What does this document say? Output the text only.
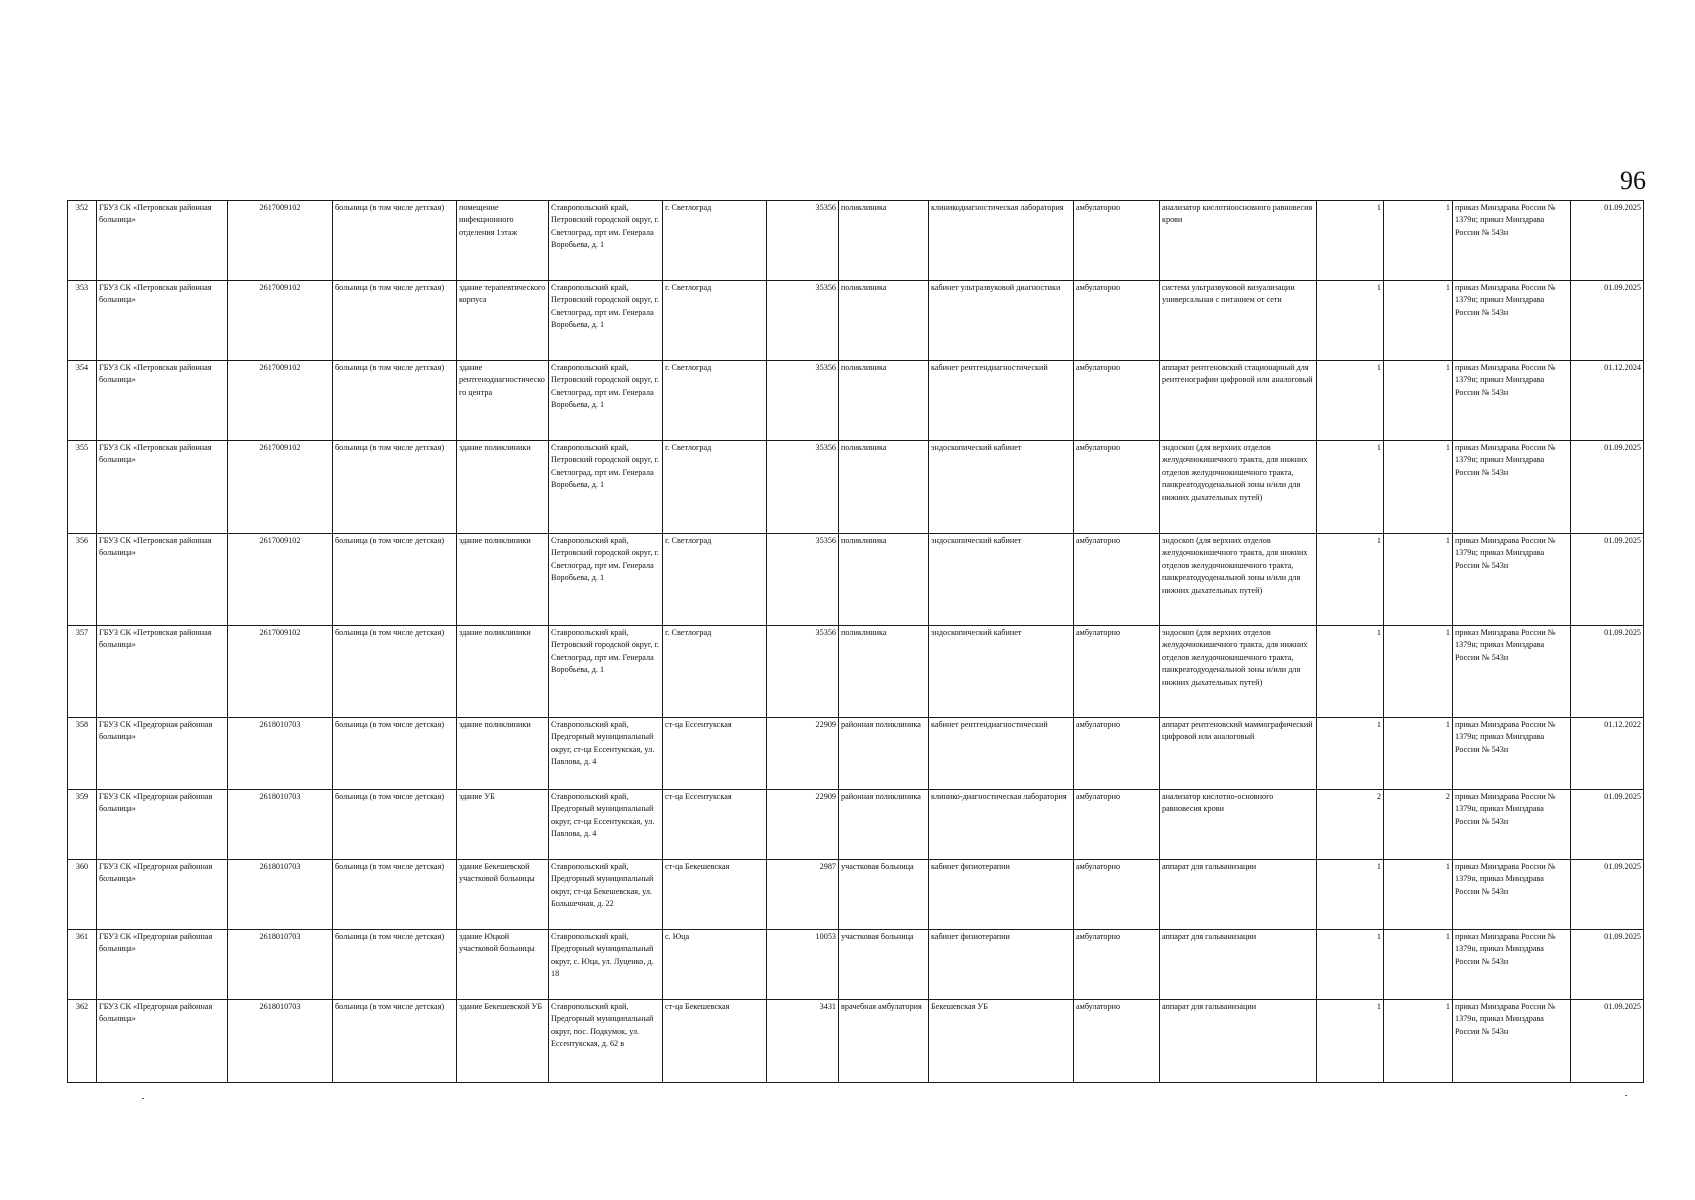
96
352	ГБУЗ СК «Петровская районная больница»	2617009102	больница (в том числе детская)	помещение инфекционного отделения 1этаж	Ставропольский край, Петровский городской округ, г. Светлоград, прт им. Генерала Воробьева, д. 1	г. Светлоград	35356	поликлиника	клиникодиагностическая лаборатория	амбулаторно	анализатор кислотноосновного равновесия крови	1	1	приказ Минздрава России № 1379н; приказ Минздрава России № 543н	01.09.2025
353	ГБУЗ СК «Петровская районная больница»	2617009102	больница (в том числе детская)	здание терапевтического корпуса	Ставропольский край, Петровский городской округ, г. Светлоград, прт им. Генерала Воробьева, д. 1	г. Светлоград	35356	поликлиника	кабинет ультразвуковой диагностики	амбулаторно	система ультразвуковой визуализации универсальная с питанием от сети	1	1	приказ Минздрава России № 1379н; приказ Минздрава России № 543н	01.09.2025
354	ГБУЗ СК «Петровская районная больница»	2617009102	больница (в том числе детская)	здание рентгенодиагностического центра	Ставропольский край, Петровский городской округ, г. Светлоград, прт им. Генерала Воробьева, д. 1	г. Светлоград	35356	поликлиника	кабинет рентгендиагностический	амбулаторно	аппарат рентгеновский стационарный для рентгенографии цифровой или аналоговый	1	1	приказ Минздрава России № 1379н; приказ Минздрава России № 543н	01.12.2024
355	ГБУЗ СК «Петровская районная больница»	2617009102	больница (в том числе детская)	здание поликлиники	Ставропольский край, Петровский городской округ, г. Светлоград, прт им. Генерала Воробьева, д. 1	г. Светлоград	35356	поликлиника	эндоскопический кабинет	амбулаторно	эндоскоп (для верхних отделов желудочнокишечного тракта, для нижних отделов желудочнокишечного тракта, панкреатодуоденальной зоны и/или для нижних дыхательных путей)	1	1	приказ Минздрава России № 1379н; приказ Минздрава России № 543н	01.09.2025
356	ГБУЗ СК «Петровская районная больница»	2617009102	больница (в том числе детская)	здание поликлиники	Ставропольский край, Петровский городской округ, г. Светлоград, прт им. Генерала Воробьева, д. 1	г. Светлоград	35356	поликлиника	эндоскопический кабинет	амбулаторно	эндоскоп (для верхних отделов желудочнокишечного тракта, для нижних отделов желудочнокишечного тракта, панкреатодуоденальной зоны и/или для нижних дыхательных путей)	1	1	приказ Минздрава России № 1379н; приказ Минздрава России № 543н	01.09.2025
357	ГБУЗ СК «Петровская районная больница»	2617009102	больница (в том числе детская)	здание поликлиники	Ставропольский край, Петровский городской округ, г. Светлоград, прт им. Генерала Воробьева, д. 1	г. Светлоград	35356	поликлиника	эндоскопический кабинет	амбулаторно	эндоскоп (для верхних отделов желудочнокишечного тракта, для нижних отделов желудочнокишечного тракта, панкреатодуоденальной зоны и/или для нижних дыхательных путей)	1	1	приказ Минздрава России № 1379н; приказ Минздрава России № 543н	01.09.2025
358	ГБУЗ СК «Предгорная районная больница»	2618010703	больница (в том числе детская)	здание поликлиники	Ставропольский край, Предгорный муниципальный округ, ст-ца Ессентукская, ул. Павлова, д. 4	ст-ца Ессентукская	22909	районная поликлиника	кабинет рентгендиагностический	амбулаторно	аппарат рентгеновский маммографический цифровой или аналоговый	1	1	приказ Минздрава России № 1379н; приказ Минздрава России № 543н	01.12.2022
359	ГБУЗ СК «Предгорная районная больница»	2618010703	больница (в том числе детская)	здание УБ	Ставропольский край, Предгорный муниципальный округ, ст-ца Ессентукская, ул. Павлова, д. 4	ст-ца Ессентукская	22909	районная поликлиника	клинико-диагностическая лаборатория	амбулаторно	анализатор кислотно-основного равновесия крови	2	2	приказ Минздрава России № 1379н, приказ Минздрава России № 543н	01.09.2025
360	ГБУЗ СК «Предгорная районная больница»	2618010703	больница (в том числе детская)	здание Бекешевской участковой больницы	Ставропольский край, Предгорный муниципальный округ, ст-ца Бекешевская, ул. Большечная, д. 22	ст-ца Бекешевская	2987	участковая больница	кабинет физиотерапии	амбулаторно	аппарат для гальванизации	1	1	приказ Минздрава России № 1379н, приказ Минздрава России № 543н	01.09.2025
361	ГБУЗ СК «Предгорная районная больница»	2618010703	больница (в том числе детская)	здание Юцкой участковой больницы	Ставропольский край, Предгорный муниципальный округ, с. Юца, ул. Луценко, д. 18	с. Юца	10053	участковая больница	кабинет физиотерапии	амбулаторно	аппарат для гальванизации	1	1	приказ Минздрава России № 1379н, приказ Минздрава России № 543н	01.09.2025
362	ГБУЗ СК «Предгорная районная больница»	2618010703	больница (в том числе детская)	здание Бекешевской УБ	Ставропольский край, Предгорный муниципальный округ, пос. Подкумок, ул. Ессентукская, д. 62 в	ст-ца Бекешевская	3431	врачебная амбулатория	Бекешевская УБ	амбулаторно	аппарат для гальванизации	1	1	приказ Минздрава России № 1379н, приказ Минздрава России № 543н	01.09.2025
